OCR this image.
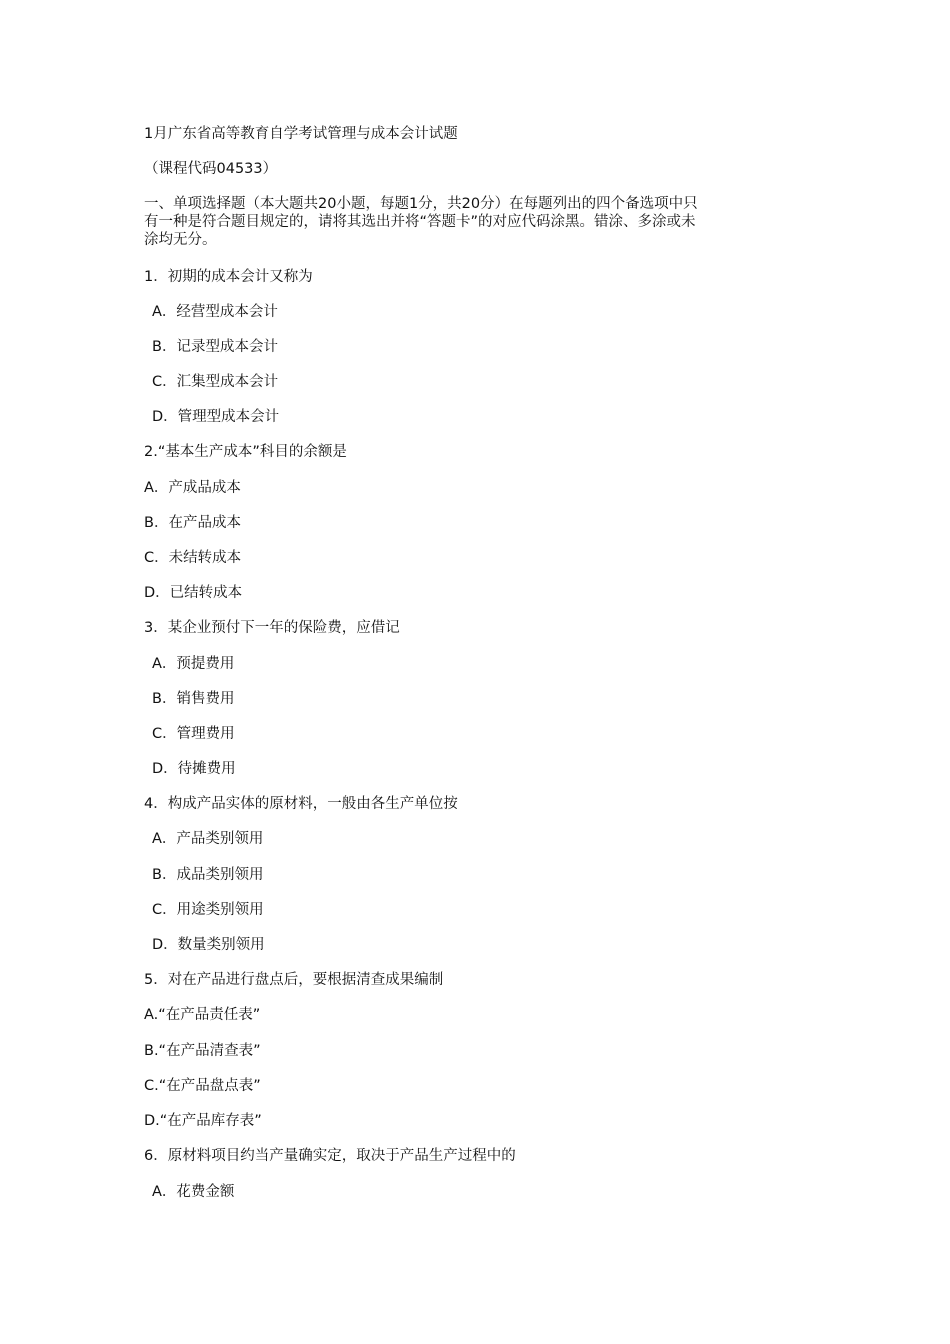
1月广东省高等教育自学考试管理与成本会计试题
（课程代码04533）
一、单项选择题（本大题共20小题，每题1分，共20分）在每题列出的四个备选项中只
有一种是符合题目规定的，请将其选出并将“答题卡”的对应代码涂黑。错涂、多涂或未
涂均无分。
1．初期的成本会计又称为
A．经营型成本会计
B．记录型成本会计
C．汇集型成本会计
D．管理型成本会计
2.“基本生产成本”科目的余额是
A．产成品成本
B．在产品成本
C．未结转成本
D．已结转成本
3．某企业预付下一年的保险费，应借记
A．预提费用
B．销售费用
C．管理费用
D．待摊费用
4．构成产品实体的原材料，一般由各生产单位按
A．产品类别领用
B．成品类别领用
C．用途类别领用
D．数量类别领用
5．对在产品进行盘点后，要根据清查成果编制
A.“在产品责任表”
B.“在产品清查表”
C.“在产品盘点表”
D.“在产品库存表”
6．原材料项目约当产量确实定，取决于产品生产过程中的
A．花费金额
